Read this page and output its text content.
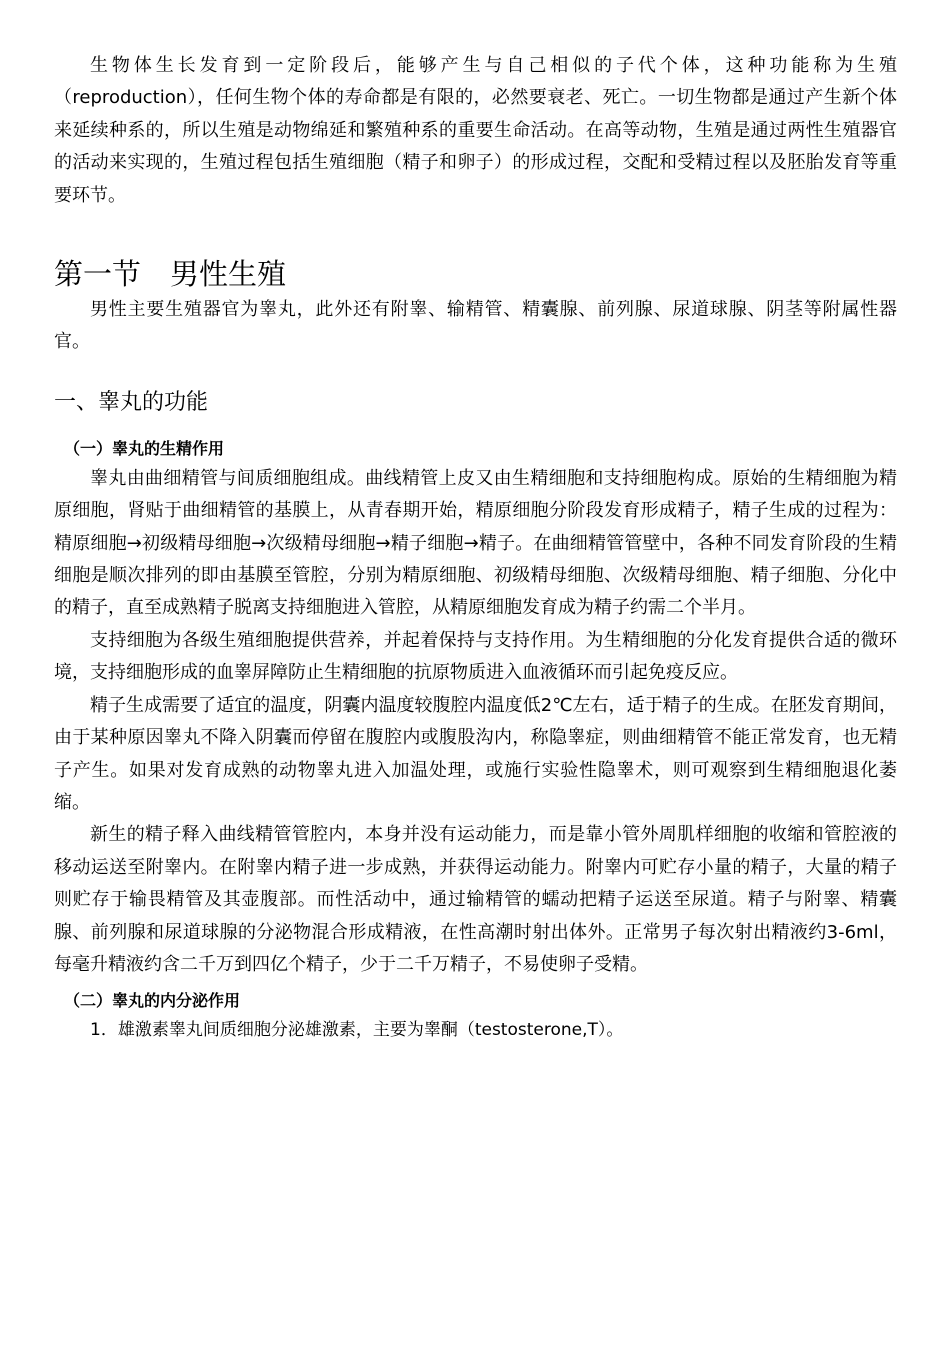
生物体生长发育到一定阶段后，能够产生与自己相似的子代个体，这种功能称为生殖（reproduction），任何生物个体的寿命都是有限的，必然要衰老、死亡。一切生物都是通过产生新个体来延续种系的，所以生殖是动物绵延和繁殖种系的重要生命活动。在高等动物，生殖是通过两性生殖器官的活动来实现的，生殖过程包括生殖细胞（精子和卵子）的形成过程，交配和受精过程以及胚胎发育等重要环节。

第一节　男性生殖

男性主要生殖器官为睾丸，此外还有附睾、输精管、精囊腺、前列腺、尿道球腺、阴茎等附属性器官。

一、睾丸的功能
（一）睾丸的生精作用

睾丸由曲细精管与间质细胞组成。曲线精管上皮又由生精细胞和支持细胞构成。原始的生精细胞为精原细胞，肾贴于曲细精管的基膜上，从青春期开始，精原细胞分阶段发育形成精子，精子生成的过程为：精原细胞→初级精母细胞→次级精母细胞→精子细胞→精子。在曲细精管管壁中，各种不同发育阶段的生精细胞是顺次排列的即由基膜至管腔，分别为精原细胞、初级精母细胞、次级精母细胞、精子细胞、分化中的精子，直至成熟精子脱离支持细胞进入管腔，从精原细胞发育成为精子约需二个半月。

支持细胞为各级生殖细胞提供营养，并起着保持与支持作用。为生精细胞的分化发育提供合适的微环境，支持细胞形成的血睾屏障防止生精细胞的抗原物质进入血液循环而引起免疫反应。

精子生成需要了适宜的温度，阴囊内温度较腹腔内温度低2℃左右，适于精子的生成。在胚发育期间，由于某种原因睾丸不降入阴囊而停留在腹腔内或腹股沟内，称隐睾症，则曲细精管不能正常发育，也无精子产生。如果对发育成熟的动物睾丸进入加温处理，或施行实验性隐睾术，则可观察到生精细胞退化萎缩。

新生的精子释入曲线精管管腔内，本身并没有运动能力，而是靠小管外周肌样细胞的收缩和管腔液的移动运送至附睾内。在附睾内精子进一步成熟，并获得运动能力。附睾内可贮存小量的精子，大量的精子则贮存于输畏精管及其壶腹部。而性活动中，通过输精管的蠕动把精子运送至尿道。精子与附睾、精囊腺、前列腺和尿道球腺的分泌物混合形成精液，在性高潮时射出体外。正常男子每次射出精液约3-6ml，每毫升精液约含二千万到四亿个精子，少于二千万精子，不易使卵子受精。

（二）睾丸的内分泌作用

1．雄激素睾丸间质细胞分泌雄激素，主要为睾酮（testosterone,T）。
